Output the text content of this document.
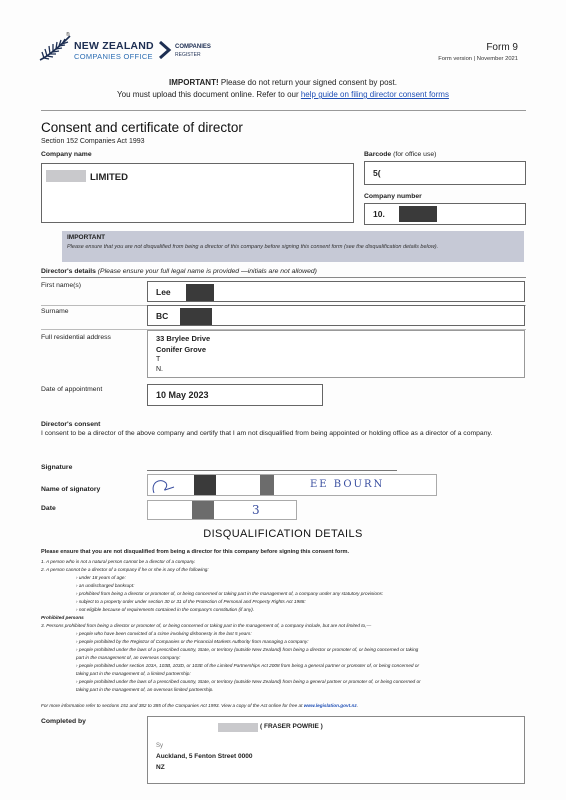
®
NEW ZEALAND
COMPANIES OFFICE
COMPANIES
REGISTER
Form 9
Form version | November 2021
IMPORTANT! Please do not return your signed consent by post.
You must upload this document online. Refer to our help guide on filing director consent forms
Consent and certificate of director
Section 152 Companies Act 1993
Company name
LIMITED
Barcode (for office use)
5(
Company number
10.
IMPORTANT
Please ensure that you are not disqualified from being a director of this company before signing this consent form (see the disqualification details below).
Director's details (Please ensure your full legal name is provided —initials are not allowed)
First name(s)
Lee
Surname	BC
Full residential address	33 Brylee Drive
Conifer Grove
T
N.
Date of appointment
10 May 2023
Director's consent
I consent to be a director of the above company and certify that I am not disqualified from being appointed or holding office as a director of a company.
Signature
Name of signatory	EE BOURN
Date	3
DISQUALIFICATION DETAILS
Please ensure that you are not disqualified from being a director for this company before signing this consent form.
1. A person who is not a natural person cannot be a director of a company.
2. A person cannot be a director of a company if he or she is any of the following:
› under 18 years of age:
› an undischarged bankrupt:
› prohibited from being a director or promoter of, or being concerned or taking part in the management of, a company under any statutory provisions:
› subject to a property order under section 30 or 31 of the Protection of Personal and Property Rights Act 1988:
› not eligible because of requirements contained in the company's constitution (if any).
Prohibited persons
3. Persons prohibited from being a director or promoter of, or being concerned or taking part in the management of, a company include, but are not limited to,—
› people who have been convicted of a crime involving dishonesty in the last 5 years:
› people prohibited by the Registrar of Companies or the Financial Markets Authority from managing a company:
› people prohibited under the laws of a prescribed country, State, or territory (outside New Zealand) from being a director or promoter of, or being concerned or taking
part in the management of, an overseas company:
› people prohibited under section 103A, 103B, 103D, or 103E of the Limited Partnerships Act 2008 from being a general partner or promoter of, or being concerned or
taking part in the management of, a limited partnership:
› people prohibited under the laws of a prescribed country, State, or territory (outside New Zealand) from being a general partner or promoter of, or being concerned or
taking part in the management of, an overseas limited partnership.
For more information refer to sections 151 and 382 to 385 of the Companies Act 1993. View a copy of the Act online for free at www.legislation.govt.nz.
Completed by
( FRASER POWRIE )
Sy
Auckland, 5 Fenton Street 0000
NZ
